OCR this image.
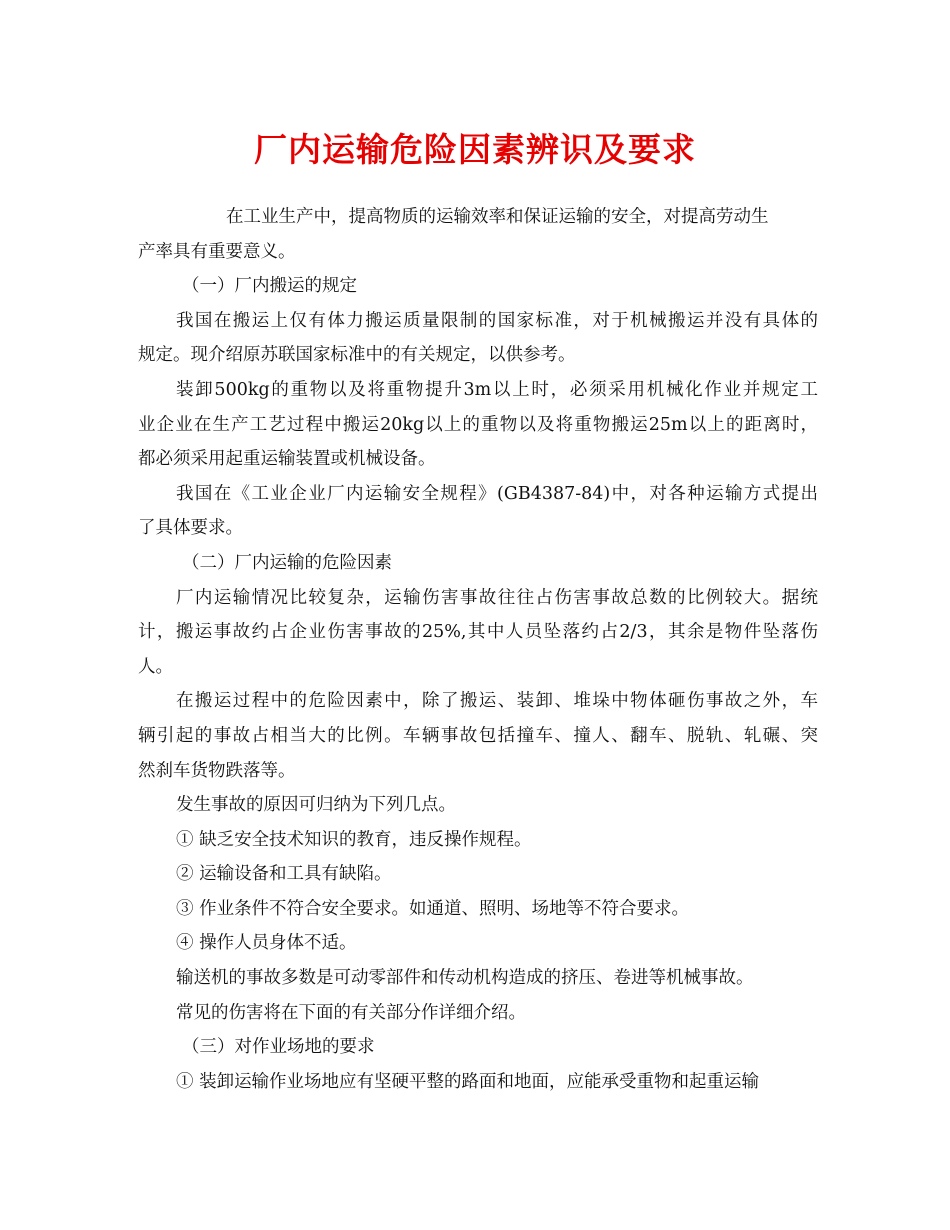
厂内运输危险因素辨识及要求
在工业生产中，提高物质的运输效率和保证运输的安全，对提高劳动生
产率具有重要意义。
（一）厂内搬运的规定
我国在搬运上仅有体力搬运质量限制的国家标准，对于机械搬运并没有具体的
规定。现介绍原苏联国家标准中的有关规定，以供参考。
装卸500kg的重物以及将重物提升3m以上时，必须采用机械化作业并规定工
业企业在生产工艺过程中搬运20kg以上的重物以及将重物搬运25m以上的距离时，
都必须采用起重运输装置或机械设备。
我国在《工业企业厂内运输安全规程》(GB4387-84)中，对各种运输方式提出
了具体要求。
（二）厂内运输的危险因素
厂内运输情况比较复杂，运输伤害事故往往占伤害事故总数的比例较大。据统
计，搬运事故约占企业伤害事故的25%,其中人员坠落约占2/3，其余是物件坠落伤
人。
在搬运过程中的危险因素中，除了搬运、装卸、堆垛中物体砸伤事故之外，车
辆引起的事故占相当大的比例。车辆事故包括撞车、撞人、翻车、脱轨、轧碾、突
然刹车货物跌落等。
发生事故的原因可归纳为下列几点。
① 缺乏安全技术知识的教育，违反操作规程。
② 运输设备和工具有缺陷。
③ 作业条件不符合安全要求。如通道、照明、场地等不符合要求。
④ 操作人员身体不适。
输送机的事故多数是可动零部件和传动机构造成的挤压、卷进等机械事故。
常见的伤害将在下面的有关部分作详细介绍。
（三）对作业场地的要求
① 装卸运输作业场地应有坚硬平整的路面和地面，应能承受重物和起重运输
